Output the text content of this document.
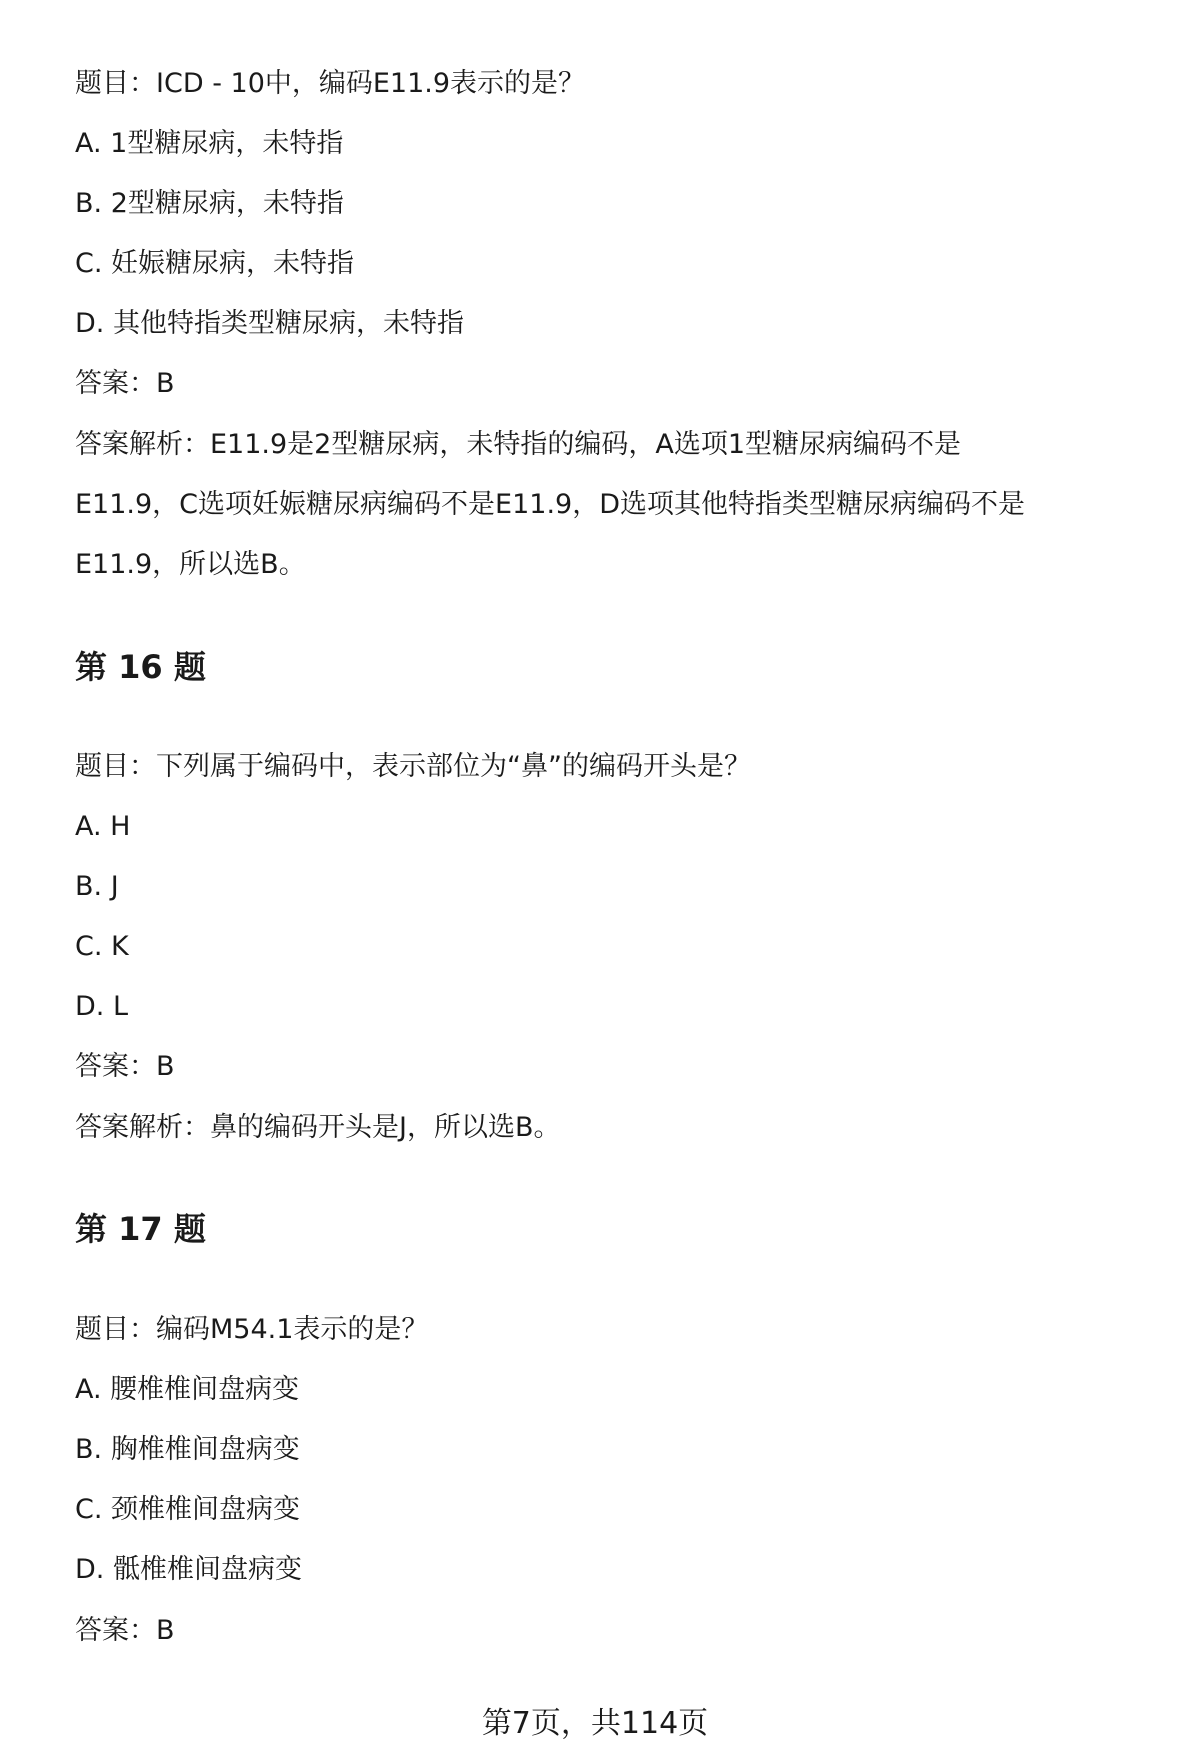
题目：ICD - 10中，编码E11.9表示的是？
A. 1型糖尿病，未特指
B. 2型糖尿病，未特指
C. 妊娠糖尿病，未特指
D. 其他特指类型糖尿病，未特指
答案：B
答案解析：E11.9是2型糖尿病，未特指的编码，A选项1型糖尿病编码不是
E11.9，C选项妊娠糖尿病编码不是E11.9，D选项其他特指类型糖尿病编码不是
E11.9，所以选B。
第 16 题
题目：下列属于编码中，表示部位为“鼻”的编码开头是？
A. H
B. J
C. K
D. L
答案：B
答案解析：鼻的编码开头是J，所以选B。
第 17 题
题目：编码M54.1表示的是？
A. 腰椎椎间盘病变
B. 胸椎椎间盘病变
C. 颈椎椎间盘病变
D. 骶椎椎间盘病变
答案：B
第7页，共114页
